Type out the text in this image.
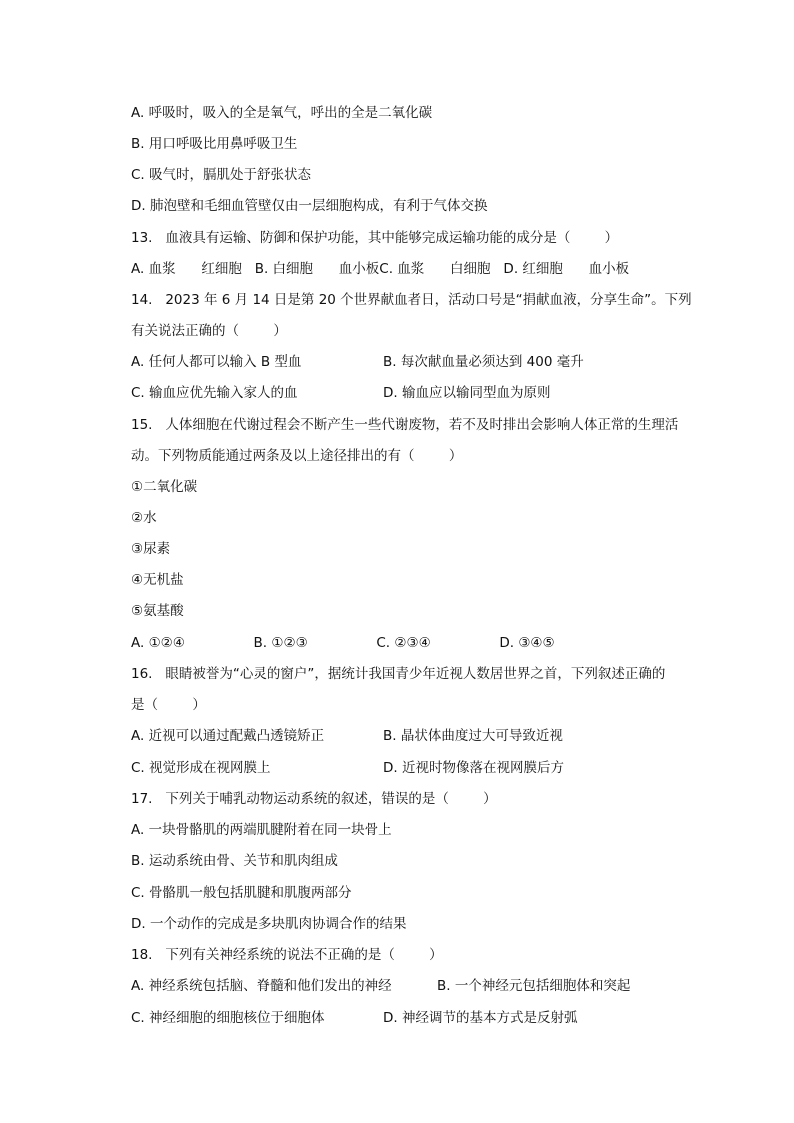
A. 呼吸时，吸入的全是氧气，呼出的全是二氧化碳
B. 用口呼吸比用鼻呼吸卫生
C. 吸气时，膈肌处于舒张状态
D. 肺泡壁和毛细血管壁仅由一层细胞构成，有利于气体交换
13.   血液具有运输、防御和保护功能，其中能够完成运输功能的成分是（        ）
A. 血浆      红细胞   B. 白细胞      血小板C. 血浆      白细胞   D. 红细胞      血小板
14.   2023 年 6 月 14 日是第 20 个世界献血者日，活动口号是“捐献血液，分享生命”。下列
有关说法正确的（        ）
A. 任何人都可以输入 B 型血	B. 每次献血量必须达到 400 毫升
C. 输血应优先输入家人的血	D. 输血应以输同型血为原则
15.   人体细胞在代谢过程会不断产生一些代谢废物，若不及时排出会影响人体正常的生理活
动。下列物质能通过两条及以上途径排出的有（        ）
①二氧化碳
②水
③尿素
④无机盐
⑤氨基酸
A. ①②④                B. ①②③                C. ②③④                D. ③④⑤
16.   眼睛被誉为“心灵的窗户”，据统计我国青少年近视人数居世界之首，下列叙述正确的
是（        ）
A. 近视可以通过配戴凸透镜矫正	B. 晶状体曲度过大可导致近视
C. 视觉形成在视网膜上	D. 近视时物像落在视网膜后方
17.   下列关于哺乳动物运动系统的叙述，错误的是（        ）
A. 一块骨骼肌的两端肌腱附着在同一块骨上
B. 运动系统由骨、关节和肌肉组成
C. 骨骼肌一般包括肌腱和肌腹两部分
D. 一个动作的完成是多块肌肉协调合作的结果
18.   下列有关神经系统的说法不正确的是（        ）
A. 神经系统包括脑、脊髓和他们发出的神经	B. 一个神经元包括细胞体和突起
C. 神经细胞的细胞核位于细胞体	D. 神经调节的基本方式是反射弧
